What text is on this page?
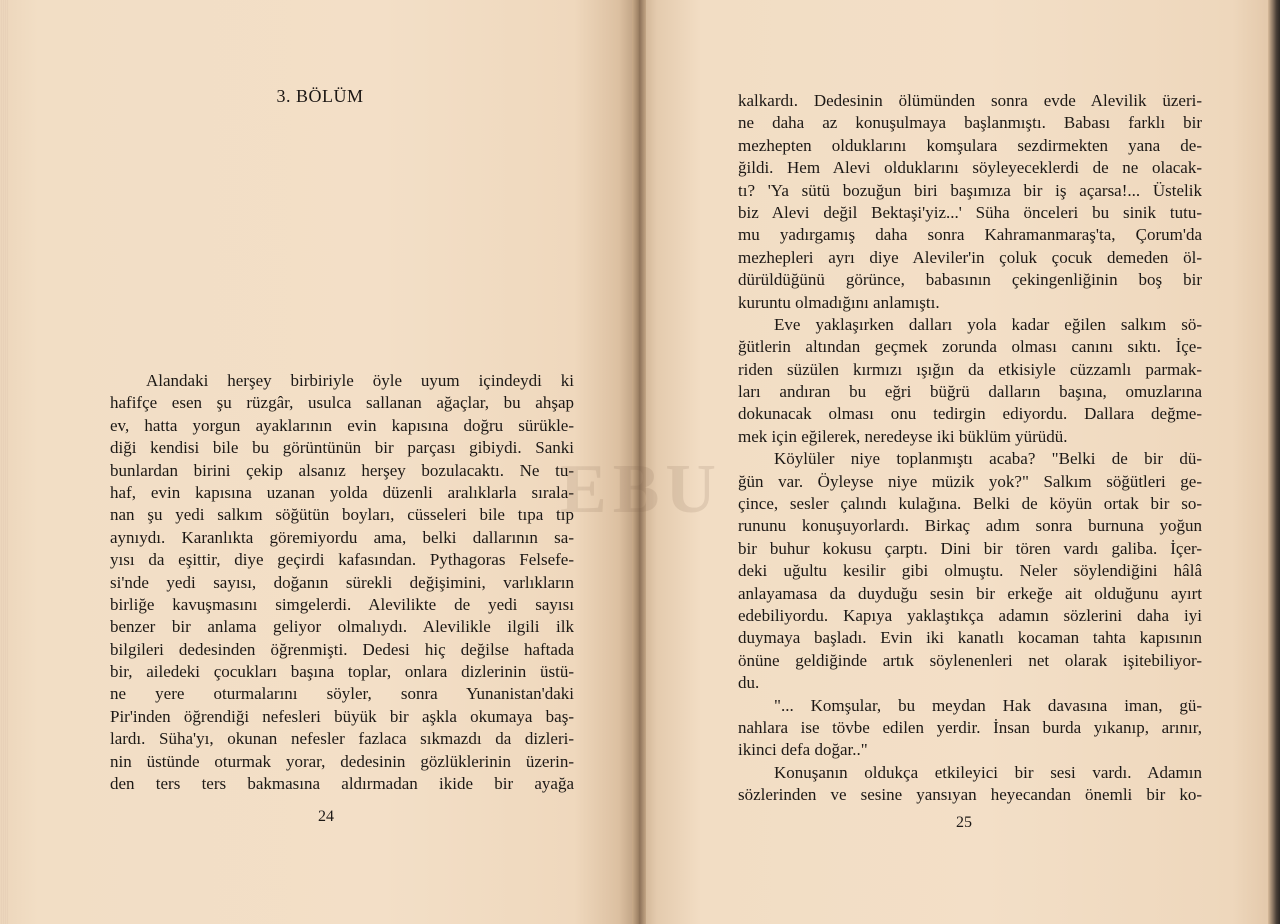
3. BÖLÜM
Alandaki herşey birbiriyle öyle uyum içindeydi ki
hafifçe esen şu rüzgâr, usulca sallanan ağaçlar, bu ahşap
ev, hatta yorgun ayaklarının evin kapısına doğru sürükle-
diği kendisi bile bu görüntünün bir parçası gibiydi. Sanki
bunlardan birini çekip alsanız herşey bozulacaktı. Ne tu-
haf, evin kapısına uzanan yolda düzenli aralıklarla sırala-
nan şu yedi salkım söğütün boyları, cüsseleri bile tıpa tıp
aynıydı. Karanlıkta göremiyordu ama, belki dallarının sa-
yısı da eşittir, diye geçirdi kafasından. Pythagoras Felsefe-
si'nde yedi sayısı, doğanın sürekli değişimini, varlıkların
birliğe kavuşmasını simgelerdi. Alevilikte de yedi sayısı
benzer bir anlama geliyor olmalıydı. Alevilikle ilgili ilk
bilgileri dedesinden öğrenmişti. Dedesi hiç değilse haftada
bir, ailedeki çocukları başına toplar, onlara dizlerinin üstü-
ne yere oturmalarını söyler, sonra Yunanistan'daki
Pir'inden öğrendiği nefesleri büyük bir aşkla okumaya baş-
lardı. Süha'yı, okunan nefesler fazlaca sıkmazdı da dizleri-
nin üstünde oturmak yorar, dedesinin gözlüklerinin üzerin-
den ters ters bakmasına aldırmadan ikide bir ayağa
24	25
kalkardı. Dedesinin ölümünden sonra evde Alevilik üzeri-
ne daha az konuşulmaya başlanmıştı. Babası farklı bir
mezhepten olduklarını komşulara sezdirmekten yana de-
ğildi. Hem Alevi olduklarını söyleyeceklerdi de ne olacak-
tı? 'Ya sütü bozuğun biri başımıza bir iş açarsa!... Üstelik
biz Alevi değil Bektaşi'yiz...' Süha önceleri bu sinik tutu-
mu yadırgamış daha sonra Kahramanmaraş'ta, Çorum'da
mezhepleri ayrı diye Aleviler'in çoluk çocuk demeden öl-
dürüldüğünü görünce, babasının çekingenliğinin boş bir
kuruntu olmadığını anlamıştı.
Eve yaklaşırken dalları yola kadar eğilen salkım sö-
ğütlerin altından geçmek zorunda olması canını sıktı. İçe-
riden süzülen kırmızı ışığın da etkisiyle cüzzamlı parmak-
ları andıran bu eğri büğrü dalların başına, omuzlarına
dokunacak olması onu tedirgin ediyordu. Dallara değme-
mek için eğilerek, neredeyse iki büklüm yürüdü.
Köylüler niye toplanmıştı acaba? "Belki de bir dü-
ğün var. Öyleyse niye müzik yok?" Salkım söğütleri ge-
çince, sesler çalındı kulağına. Belki de köyün ortak bir so-
rununu konuşuyorlardı. Birkaç adım sonra burnuna yoğun
bir buhur kokusu çarptı. Dini bir tören vardı galiba. İçer-
deki uğultu kesilir gibi olmuştu. Neler söylendiğini hâlâ
anlayamasa da duyduğu sesin bir erkeğe ait olduğunu ayırt
edebiliyordu. Kapıya yaklaştıkça adamın sözlerini daha iyi
duymaya başladı. Evin iki kanatlı kocaman tahta kapısının
önüne geldiğinde artık söylenenleri net olarak işitebiliyor-
du.
"... Komşular, bu meydan Hak davasına iman, gü-
nahlara ise tövbe edilen yerdir. İnsan burda yıkanıp, arınır,
ikinci defa doğar.."
Konuşanın oldukça etkileyici bir sesi vardı. Adamın
sözlerinden ve sesine yansıyan heyecandan önemli bir ko-
EBU
